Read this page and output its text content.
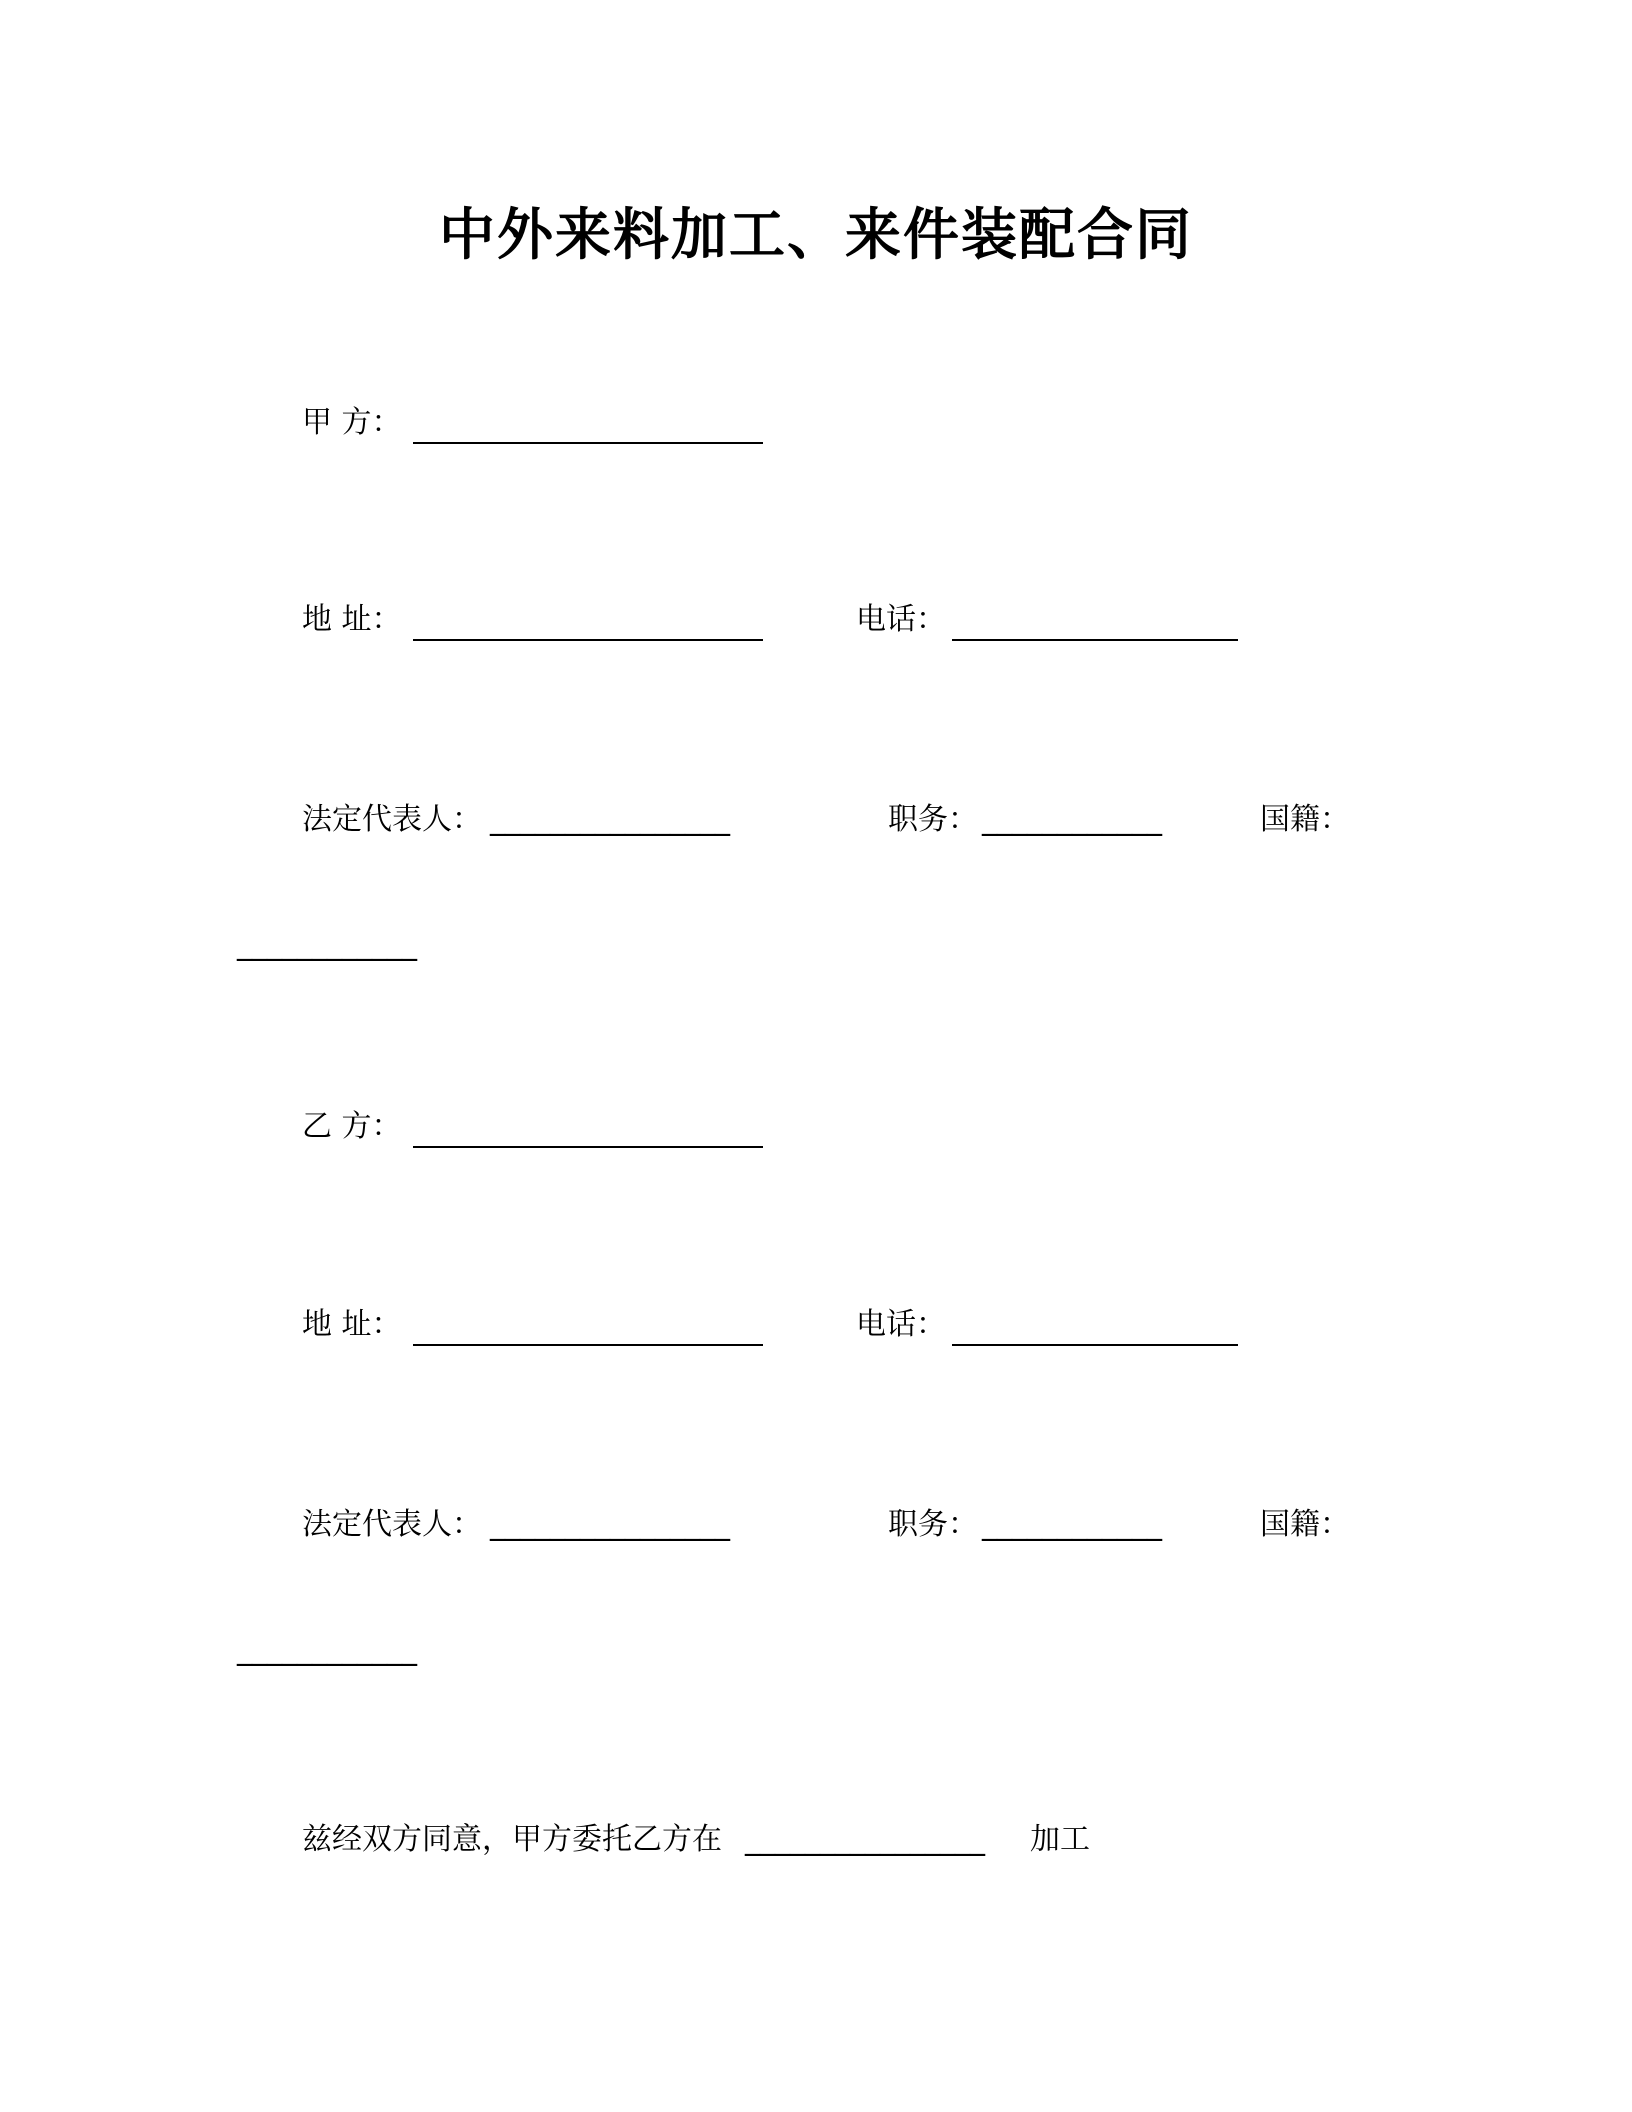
中外来料加工、来件装配合同
甲 方：
地 址：	电话：
法定代表人： ________________	职务： ____________	国籍：
____________
乙 方：
地 址：	电话：
法定代表人： ________________	职务： ____________	国籍：
____________
兹经双方同意，甲方委托乙方在 ________________ 加工
